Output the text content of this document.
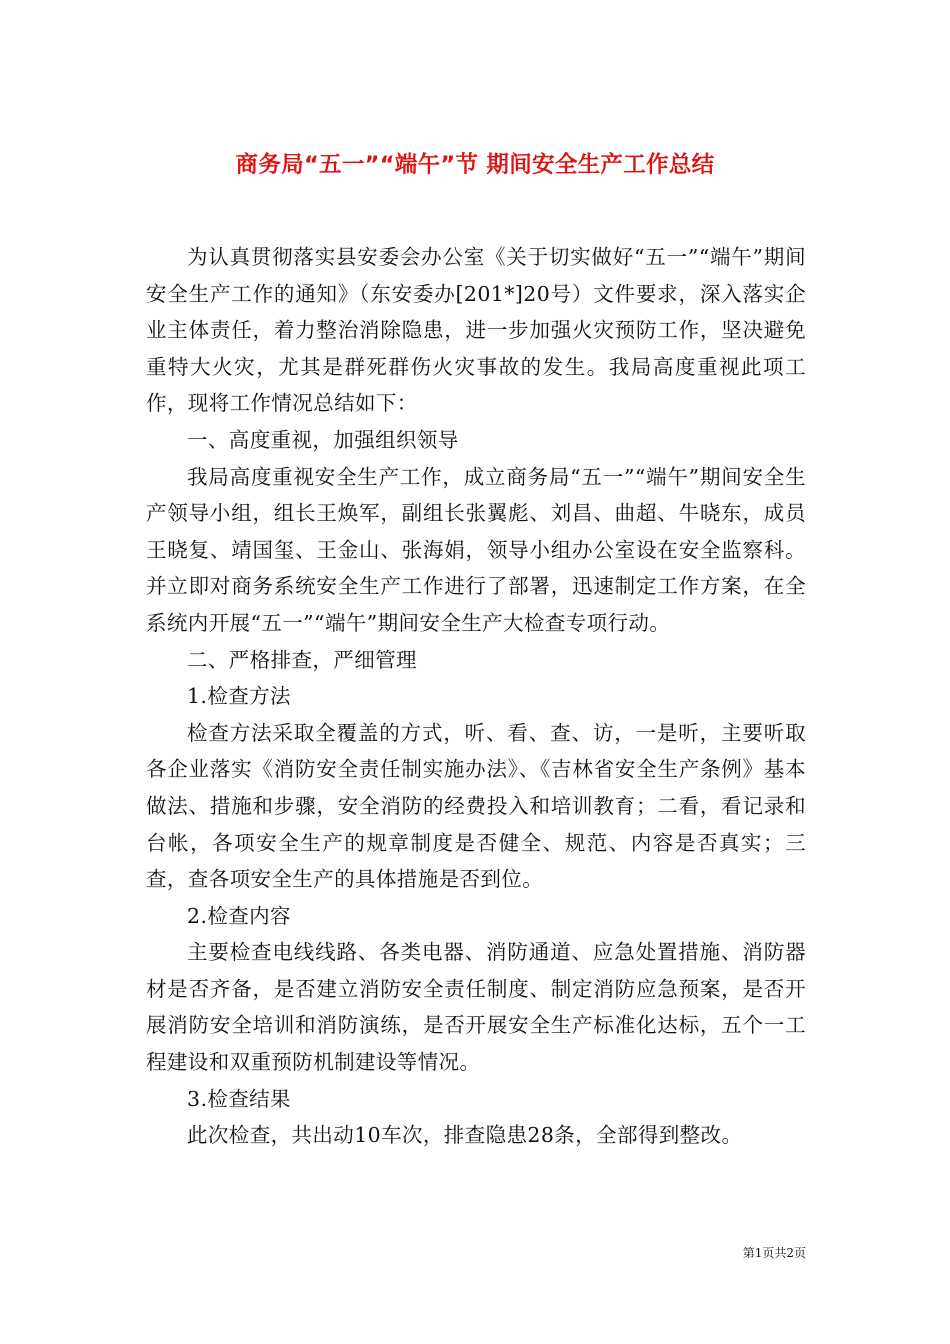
商务局“五一”“端午”节 期间安全生产工作总结

为认真贯彻落实县安委会办公室《关于切实做好“五一”“端午”期间安全生产工作的通知》（东安委办[201*]20号）文件要求，深入落实企业主体责任，着力整治消除隐患，进一步加强火灾预防工作，坚决避免重特大火灾，尤其是群死群伤火灾事故的发生。我局高度重视此项工作，现将工作情况总结如下：

一、高度重视，加强组织领导

我局高度重视安全生产工作，成立商务局“五一”“端午”期间安全生产领导小组，组长王焕军，副组长张翼彪、刘昌、曲超、牛晓东，成员王晓复、靖国玺、王金山、张海娟，领导小组办公室设在安全监察科。并立即对商务系统安全生产工作进行了部署，迅速制定工作方案，在全系统内开展“五一”“端午”期间安全生产大检查专项行动。

二、严格排查，严细管理

1.检查方法

检查方法采取全覆盖的方式，听、看、查、访，一是听，主要听取各企业落实《消防安全责任制实施办法》、《吉林省安全生产条例》基本做法、措施和步骤，安全消防的经费投入和培训教育；二看，看记录和台帐，各项安全生产的规章制度是否健全、规范、内容是否真实；三查，查各项安全生产的具体措施是否到位。

2.检查内容

主要检查电线线路、各类电器、消防通道、应急处置措施、消防器材是否齐备，是否建立消防安全责任制度、制定消防应急预案，是否开展消防安全培训和消防演练，是否开展安全生产标准化达标，五个一工程建设和双重预防机制建设等情况。

3.检查结果

此次检查，共出动10车次，排查隐患28条，全部得到整改。

第1页共2页
